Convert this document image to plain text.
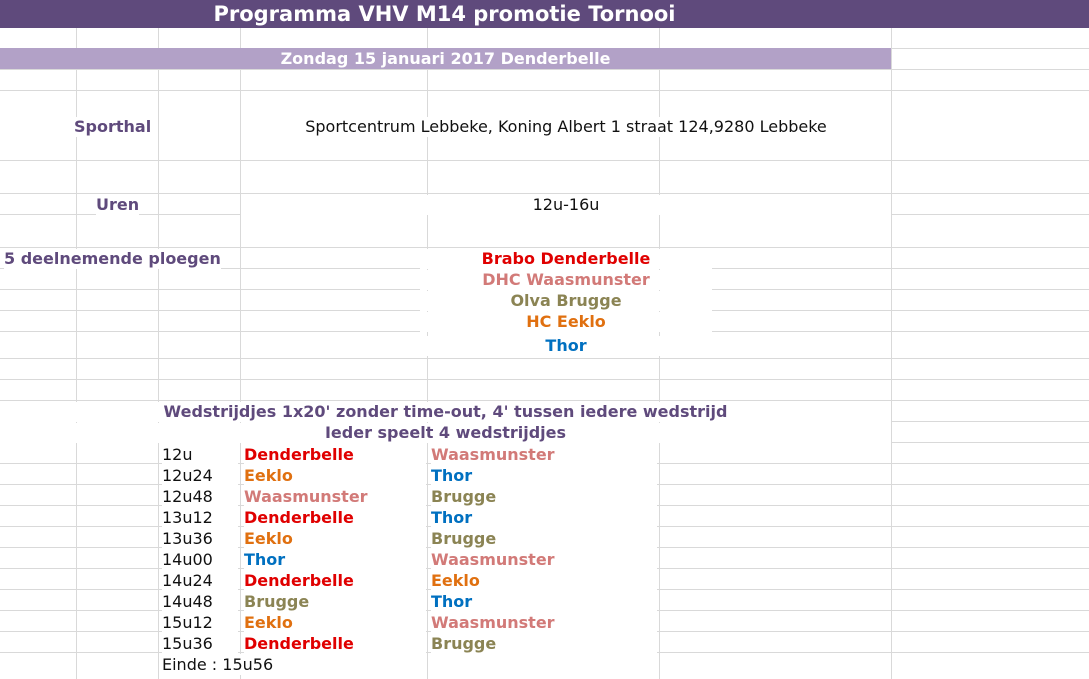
Programma VHV M14 promotie Tornooi
Zondag 15 januari 2017 Denderbelle
Sporthal	Sportcentrum Lebbeke, Koning Albert 1 straat 124,9280 Lebbeke
Uren	12u-16u
5 deelnemende ploegen	Brabo Denderbelle
DHC Waasmunster
Olva Brugge
HC Eeklo
Thor
Wedstrijdjes 1x20' zonder time-out, 4' tussen iedere wedstrijd
Ieder speelt 4 wedstrijdjes
12u	Denderbelle	Waasmunster
12u24	Eeklo	Thor
12u48	Waasmunster	Brugge
13u12	Denderbelle	Thor
13u36	Eeklo	Brugge
14u00	Thor	Waasmunster
14u24	Denderbelle	Eeklo
14u48	Brugge	Thor
15u12	Eeklo	Waasmunster
15u36	Denderbelle	Brugge
Einde : 15u56
